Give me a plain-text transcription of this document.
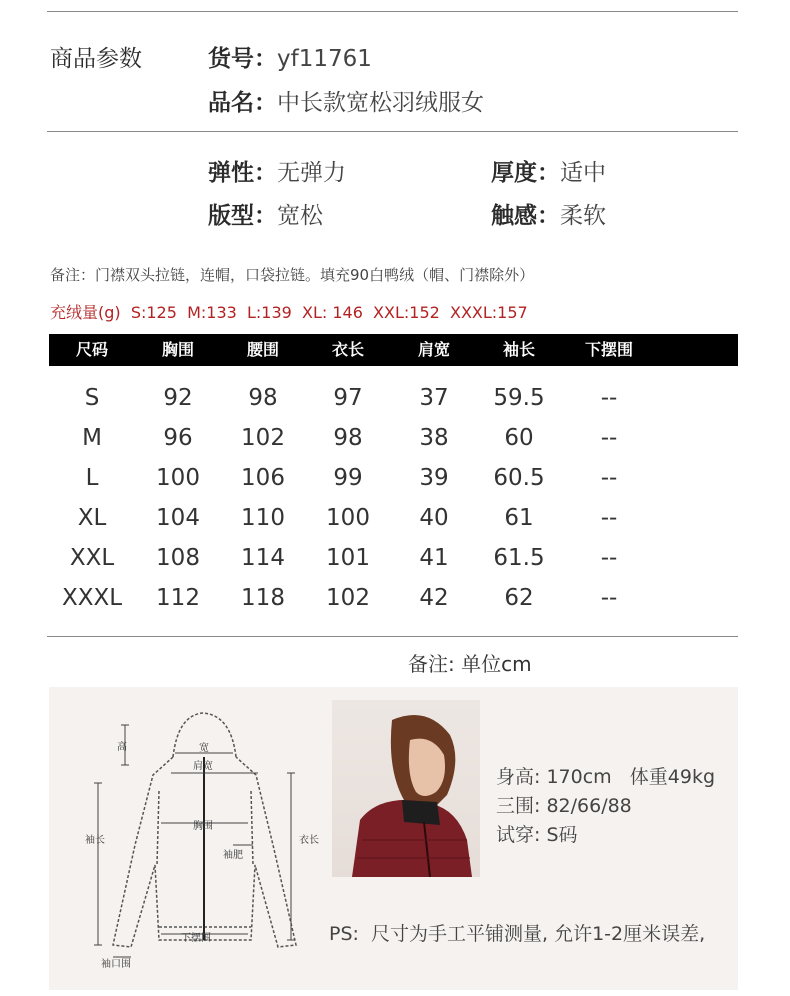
商品参数	货号：yf11761
品名：中长款宽松羽绒服女
弹性：无弹力	厚度：适中
版型：宽松	触感：柔软
备注：门襟双头拉链，连帽，口袋拉链。填充90白鸭绒（帽、门襟除外）
充绒量(g)  S:125  M:133  L:139  XL: 146  XXL:152  XXXL:157
尺码	胸围	腰围	衣长	肩宽	袖长	下摆围
S	92	98	97	37	59.5	--
M	96	102	98	38	60	--
L	100	106	99	39	60.5	--
XL	104	110	100	40	61	--
XXL	108	114	101	41	61.5	--
XXXL	112	118	102	42	62	--
备注: 单位cm
高	宽
肩宽
袖长
胸围
袖肥
衣长
下摆围
袖口围
身高: 170cm   体重49kg
三围: 82/66/88
试穿: S码
PS:  尺寸为手工平铺测量, 允许1-2厘米误差,
